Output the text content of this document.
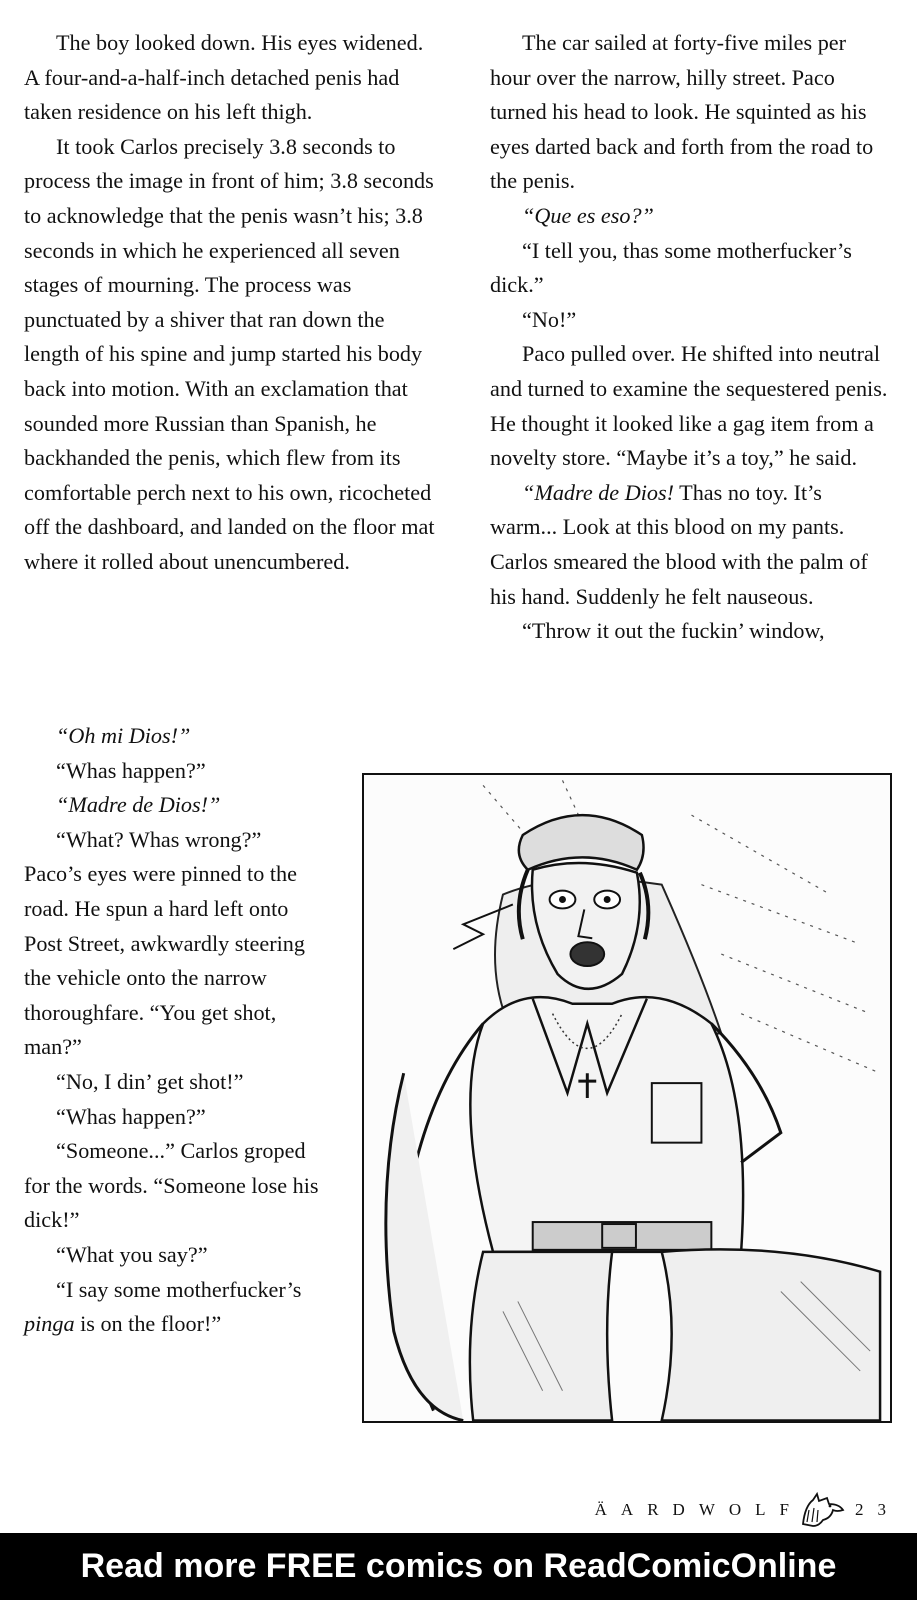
The boy looked down. His eyes widened. A four-and-a-half-inch detached penis had taken residence on his left thigh.

It took Carlos precisely 3.8 seconds to process the image in front of him; 3.8 seconds to acknowledge that the penis wasn’t his; 3.8 seconds in which he experienced all seven stages of mourning. The process was punctuated by a shiver that ran down the length of his spine and jump started his body back into motion. With an exclamation that sounded more Russian than Spanish, he backhanded the penis, which flew from its comfortable perch next to his own, ricocheted off the dashboard, and landed on the floor mat where it rolled about unencumbered.

“Oh mi Dios!”

“Whas happen?”

“Madre de Dios!”

“What? Whas wrong?” Paco’s eyes were pinned to the road. He spun a hard left onto Post Street, awkwardly steering the vehicle onto the narrow thoroughfare. “You get shot, man?”

“No, I din’ get shot!”

“Whas happen?”

“Someone...” Carlos groped for the words. “Someone lose his dick!”

“What you say?”

“I say some motherfucker’s pinga is on the floor!”

The car sailed at forty-five miles per hour over the narrow, hilly street. Paco turned his head to look. He squinted as his eyes darted back and forth from the road to the penis.

“Que es eso?”

“I tell you, thas some motherfucker’s dick.”

“No!”

Paco pulled over. He shifted into neutral and turned to examine the sequestered penis. He thought it looked like a gag item from a novelty store. “Maybe it’s a toy,” he said.

“Madre de Dios! Thas no toy. It’s warm... Look at this blood on my pants. Carlos smeared the blood with the palm of his hand. Suddenly he felt nauseous.

“Throw it out the fuckin’ window,

ÄARDWOLF	23
Read more FREE comics on ReadComicOnline
